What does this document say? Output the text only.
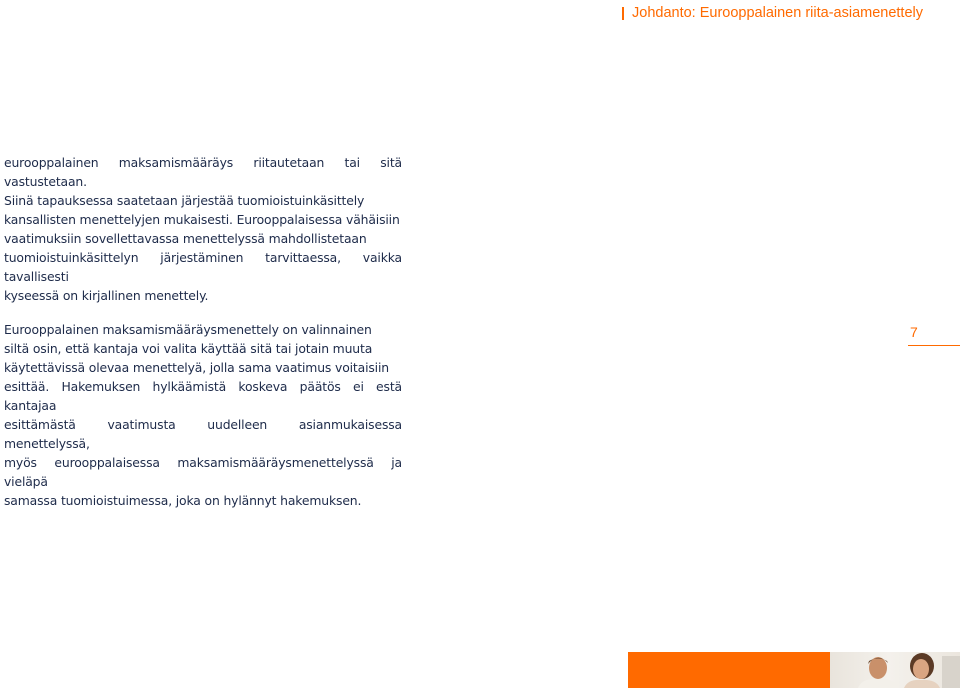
Johdanto: Eurooppalainen riita-asiamenettely

eurooppalainen maksamismääräys riitautetaan tai sitä vastustetaan.
Siinä tapauksessa saatetaan järjestää tuomioistuinkäsittely
kansallisten menettelyjen mukaisesti. Eurooppalaisessa vähäisiin
vaatimuksiin sovellettavassa menettelyssä mahdollistetaan
tuomioistuinkäsittelyn järjestäminen tarvittaessa, vaikka tavallisesti
kyseessä on kirjallinen menettely.

Eurooppalainen maksamismääräysmenettely on valinnainen
siltä osin, että kantaja voi valita käyttää sitä tai jotain muuta
käytettävissä olevaa menettelyä, jolla sama vaatimus voitaisiin
esittää. Hakemuksen hylkäämistä koskeva päätös ei estä kantajaa
esittämästä vaatimusta uudelleen asianmukaisessa menettelyssä,
myös eurooppalaisessa maksamismääräysmenettelyssä ja vieläpä
samassa tuomioistuimessa, joka on hylännyt hakemuksen.

7
